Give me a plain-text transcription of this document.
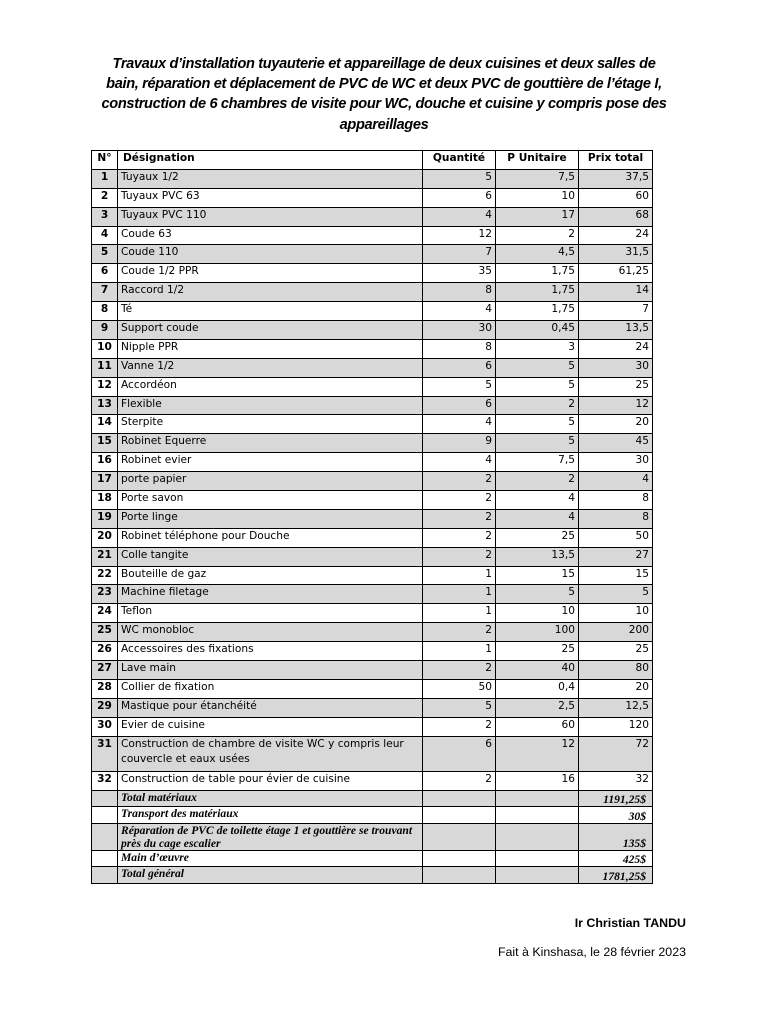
Travaux d’installation tuyauterie et appareillage de deux cuisines et deux salles de bain, réparation et déplacement de PVC de WC et deux PVC de gouttière de l’étage I, construction de 6 chambres de visite pour WC, douche et cuisine y compris pose des appareillages
N°	Désignation	Quantité	P Unitaire	Prix total
1	Tuyaux 1/2	5	7,5	37,5
2	Tuyaux PVC 63	6	10	60
3	Tuyaux PVC 110	4	17	68
4	Coude 63	12	2	24
5	Coude 110	7	4,5	31,5
6	Coude 1/2 PPR	35	1,75	61,25
7	Raccord 1/2	8	1,75	14
8	Té	4	1,75	7
9	Support coude	30	0,45	13,5
10	Nipple PPR	8	3	24
11	Vanne 1/2	6	5	30
12	Accordéon	5	5	25
13	Flexible	6	2	12
14	Sterpite	4	5	20
15	Robinet Equerre	9	5	45
16	Robinet evier	4	7,5	30
17	porte papier	2	2	4
18	Porte savon	2	4	8
19	Porte linge	2	4	8
20	Robinet téléphone pour Douche	2	25	50
21	Colle tangite	2	13,5	27
22	Bouteille de gaz	1	15	15
23	Machine filetage	1	5	5
24	Teflon	1	10	10
25	WC monobloc	2	100	200
26	Accessoires des fixations	1	25	25
27	Lave main	2	40	80
28	Collier de fixation	50	0,4	20
29	Mastique pour étanchéité	5	2,5	12,5
30	Evier de cuisine	2	60	120
31	Construction de chambre de visite WC y compris leur couvercle et eaux usées	6	12	72
32	Construction de table pour évier de cuisine	2	16	32
	Total matériaux			1191,25$
	Transport des matériaux			30$
	Réparation de PVC de toilette étage 1 et gouttière se trouvant près du cage escalier			135$
	Main d’œuvre			425$
	Total général			1781,25$
Ir Christian TANDU
Fait à Kinshasa, le 28 février 2023
